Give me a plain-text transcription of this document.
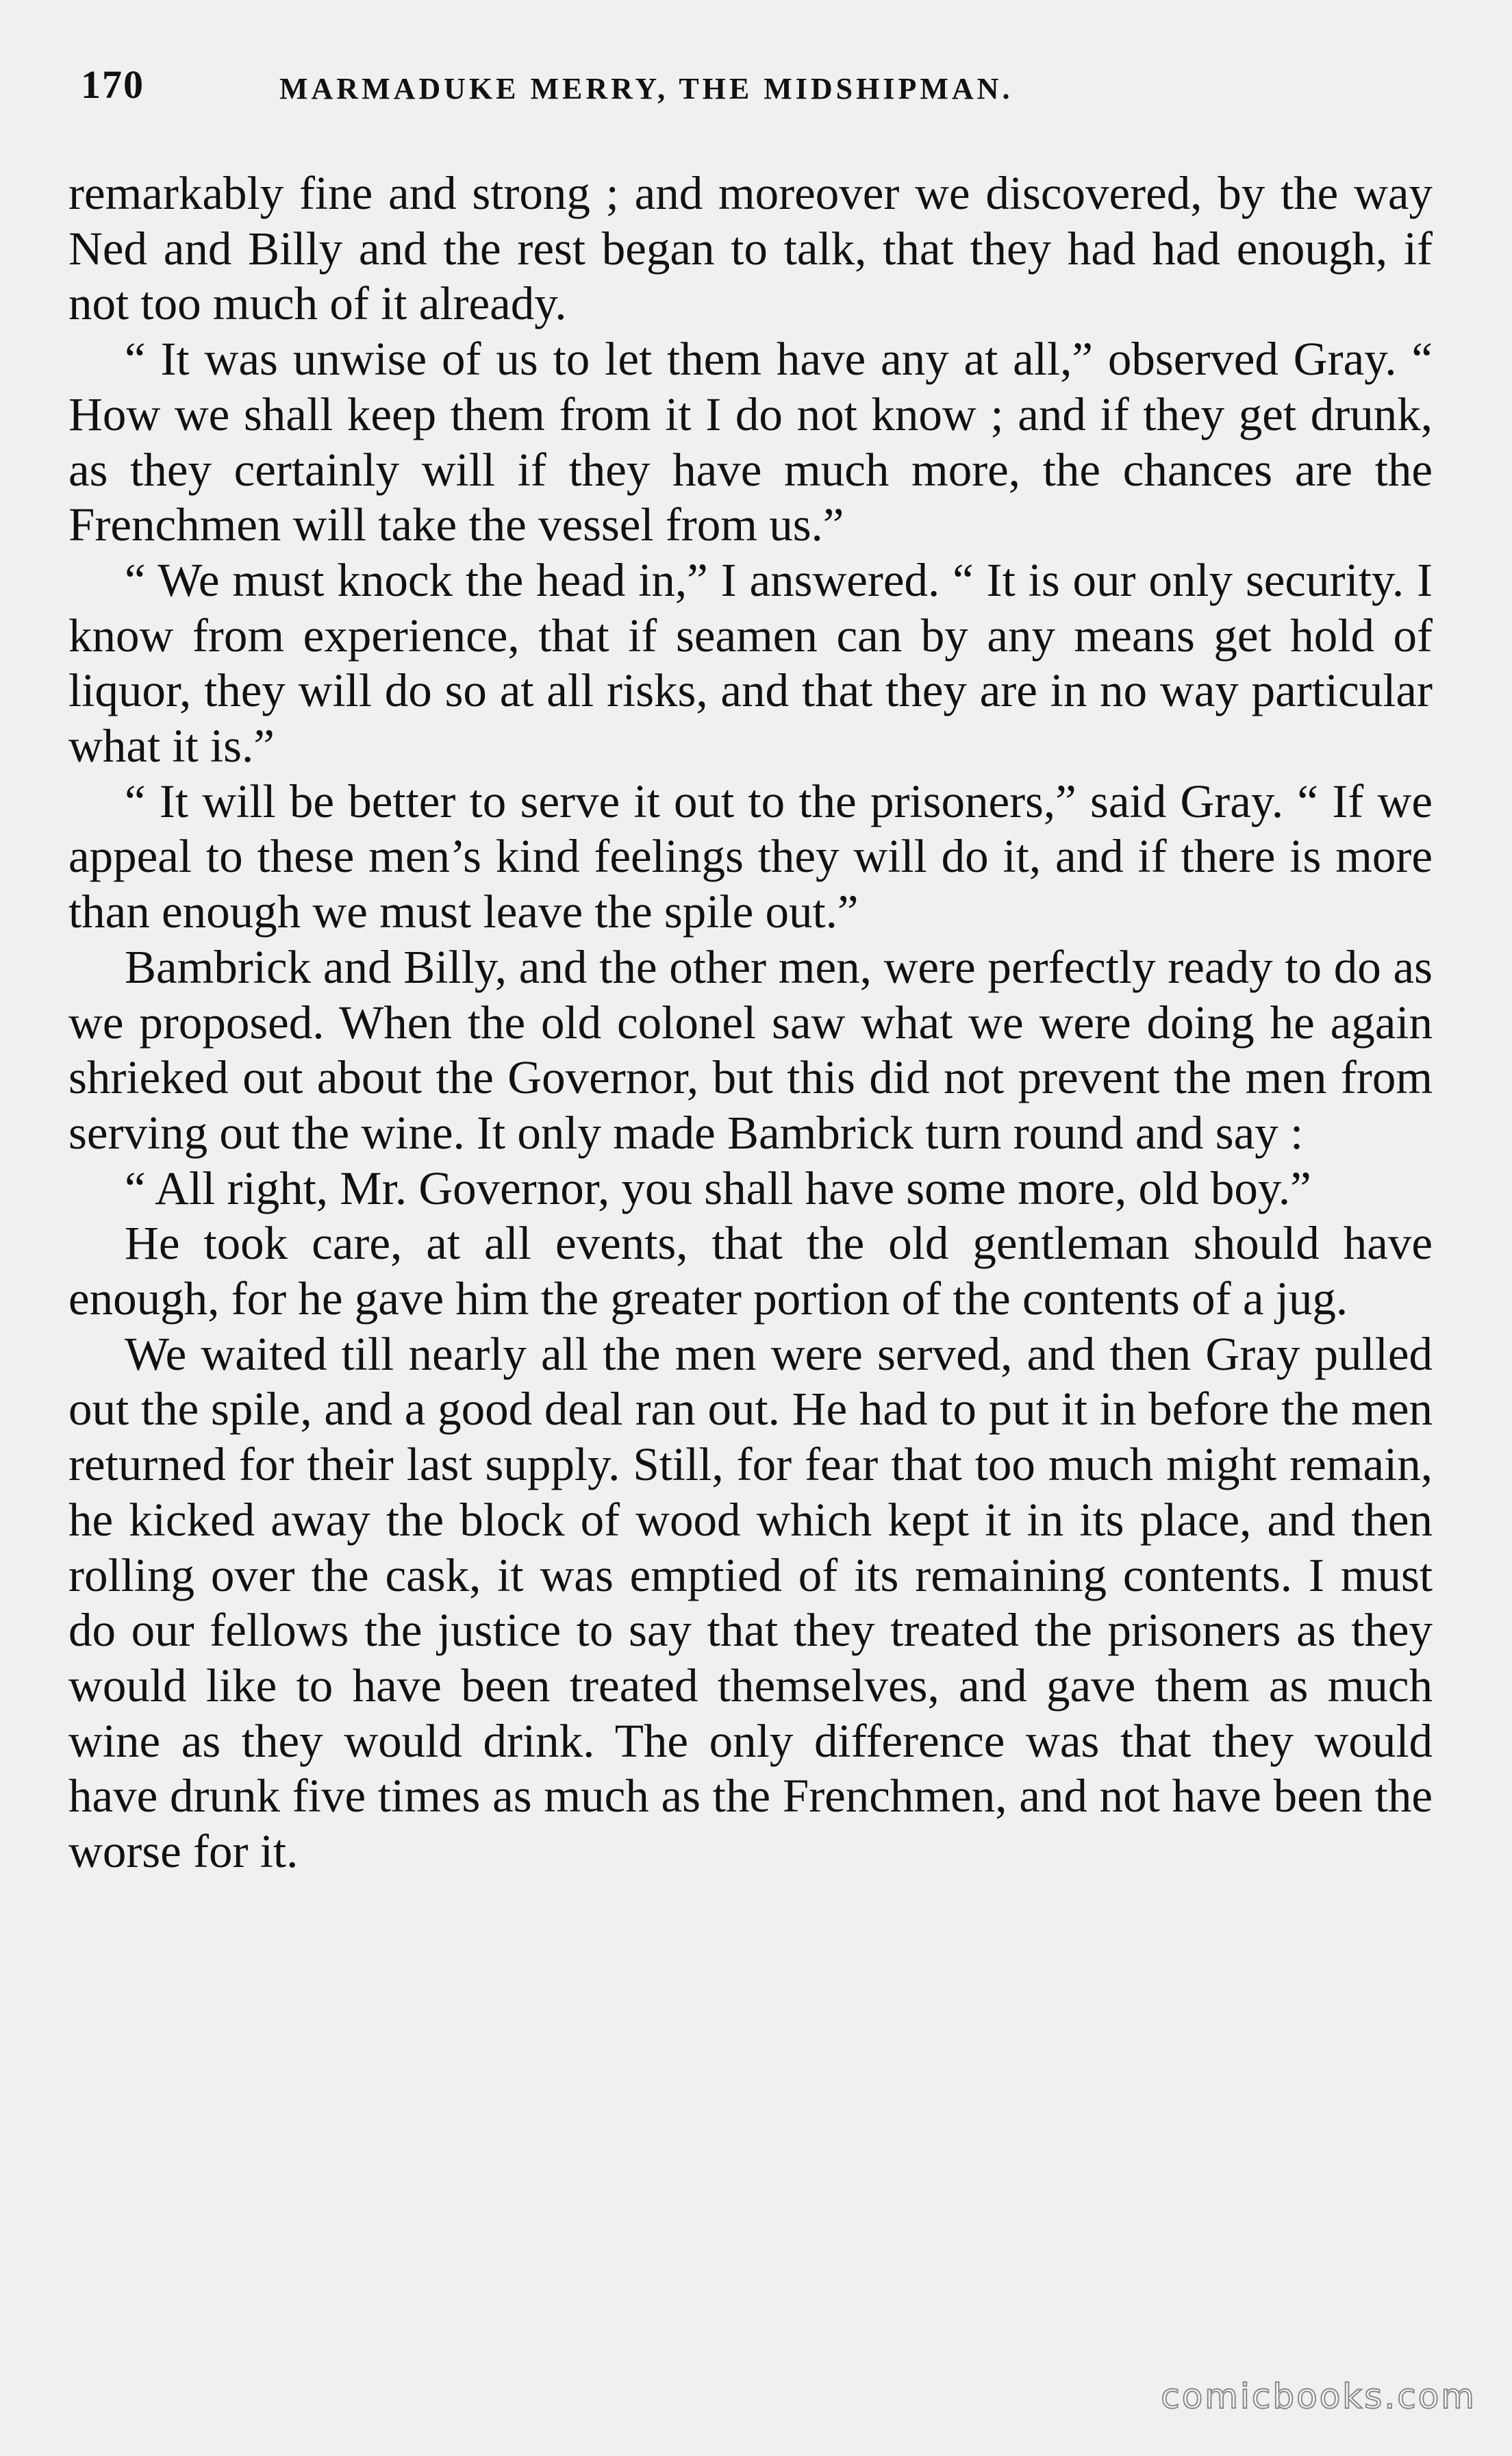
170	MARMADUKE MERRY, THE MIDSHIPMAN.

remarkably fine and strong ; and moreover we discovered, by the way Ned and Billy and the rest began to talk, that they had had enough, if not too much of it already.

“ It was unwise of us to let them have any at all,” observed Gray. “ How we shall keep them from it I do not know ; and if they get drunk, as they certainly will if they have much more, the chances are the Frenchmen will take the vessel from us.”

“ We must knock the head in,” I answered. “ It is our only security. I know from experience, that if seamen can by any means get hold of liquor, they will do so at all risks, and that they are in no way particular what it is.”

“ It will be better to serve it out to the prisoners,” said Gray. “ If we appeal to these men’s kind feelings they will do it, and if there is more than enough we must leave the spile out.”

Bambrick and Billy, and the other men, were perfectly ready to do as we proposed. When the old colonel saw what we were doing he again shrieked out about the Governor, but this did not prevent the men from serving out the wine. It only made Bambrick turn round and say :

“ All right, Mr. Governor, you shall have some more, old boy.”

He took care, at all events, that the old gentleman should have enough, for he gave him the greater portion of the contents of a jug.

We waited till nearly all the men were served, and then Gray pulled out the spile, and a good deal ran out. He had to put it in before the men returned for their last supply. Still, for fear that too much might remain, he kicked away the block of wood which kept it in its place, and then rolling over the cask, it was emptied of its remaining contents. I must do our fellows the justice to say that they treated the prisoners as they would like to have been treated themselves, and gave them as much wine as they would drink. The only difference was that they would have drunk five times as much as the Frenchmen, and not have been the worse for it.

comicbooks.com
